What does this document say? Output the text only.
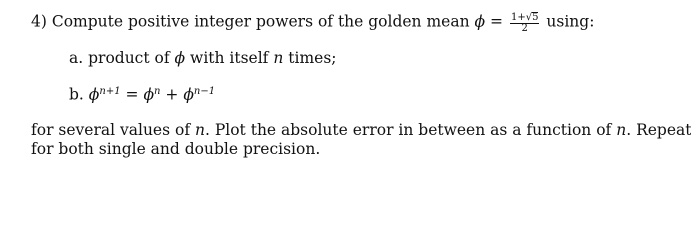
4) Compute positive integer powers of the golden mean $\phi = \frac{1+√5}{2} using$:
a. product of ϕ with itself n times;
b. $\phi^{n+1} = \phi^n + \phi^{n-1}$
for several values of n. Plot the absolute error in between as a function of n. Repeat
for both single and double precision.
